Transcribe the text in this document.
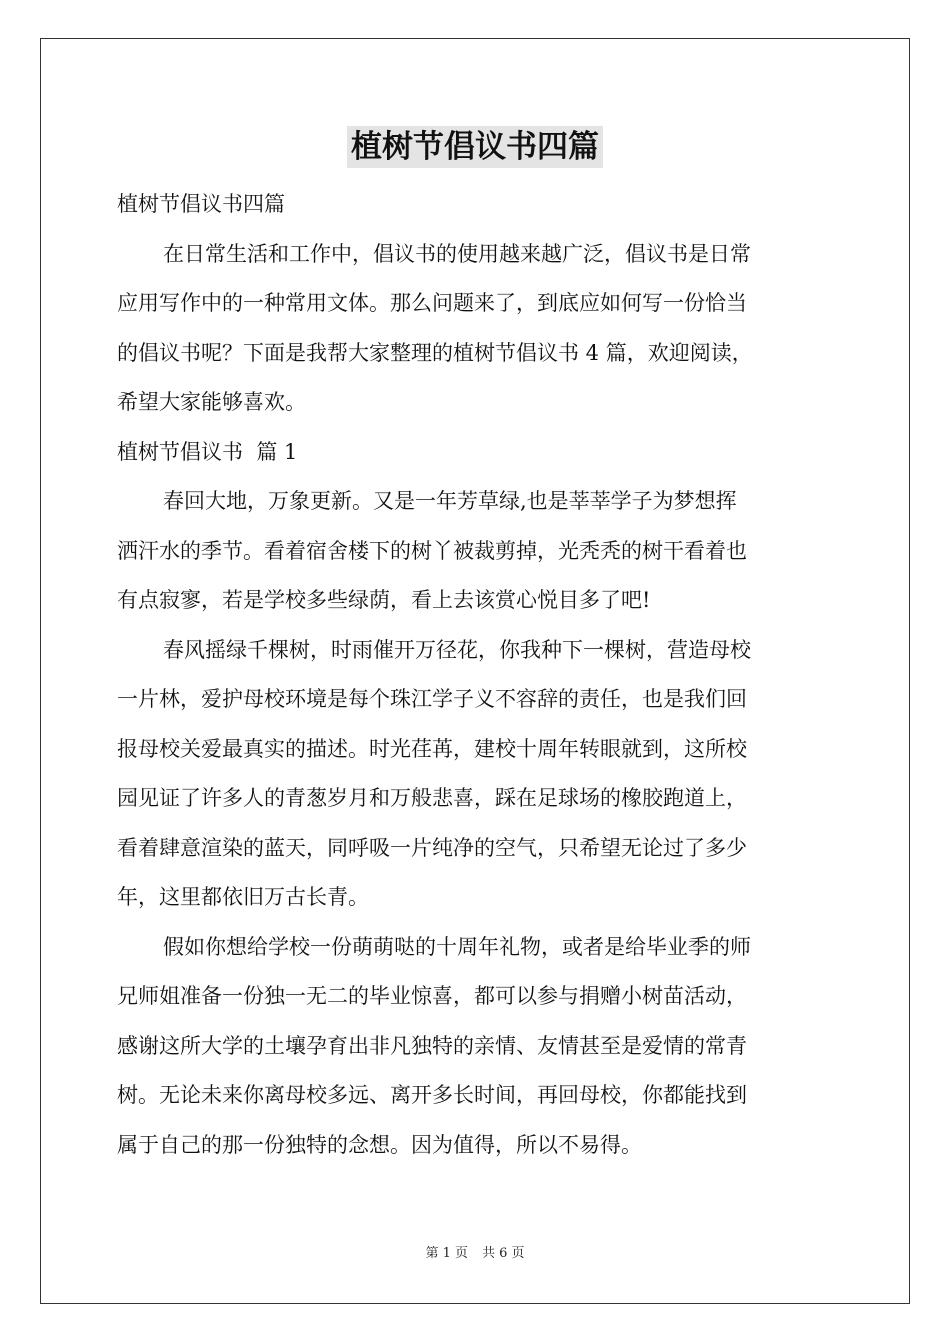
植树节倡议书四篇
植树节倡议书四篇
在日常生活和工作中，倡议书的使用越来越广泛，倡议书是日常
应用写作中的一种常用文体。那么问题来了，到底应如何写一份恰当
的倡议书呢？下面是我帮大家整理的植树节倡议书 4 篇，欢迎阅读，
希望大家能够喜欢。
植树节倡议书  篇 1
春回大地，万象更新。又是一年芳草绿,也是莘莘学子为梦想挥
洒汗水的季节。看着宿舍楼下的树丫被裁剪掉，光秃秃的树干看着也
有点寂寥，若是学校多些绿荫，看上去该赏心悦目多了吧!
春风摇绿千棵树，时雨催开万径花，你我种下一棵树，营造母校
一片林，爱护母校环境是每个珠江学子义不容辞的责任，也是我们回
报母校关爱最真实的描述。时光荏苒，建校十周年转眼就到，这所校
园见证了许多人的青葱岁月和万般悲喜，踩在足球场的橡胶跑道上，
看着肆意渲染的蓝天，同呼吸一片纯净的空气，只希望无论过了多少
年，这里都依旧万古长青。
假如你想给学校一份萌萌哒的十周年礼物，或者是给毕业季的师
兄师姐准备一份独一无二的毕业惊喜，都可以参与捐赠小树苗活动，
感谢这所大学的土壤孕育出非凡独特的亲情、友情甚至是爱情的常青
树。无论未来你离母校多远、离开多长时间，再回母校，你都能找到
属于自己的那一份独特的念想。因为值得，所以不易得。
第 1 页 共 6 页
